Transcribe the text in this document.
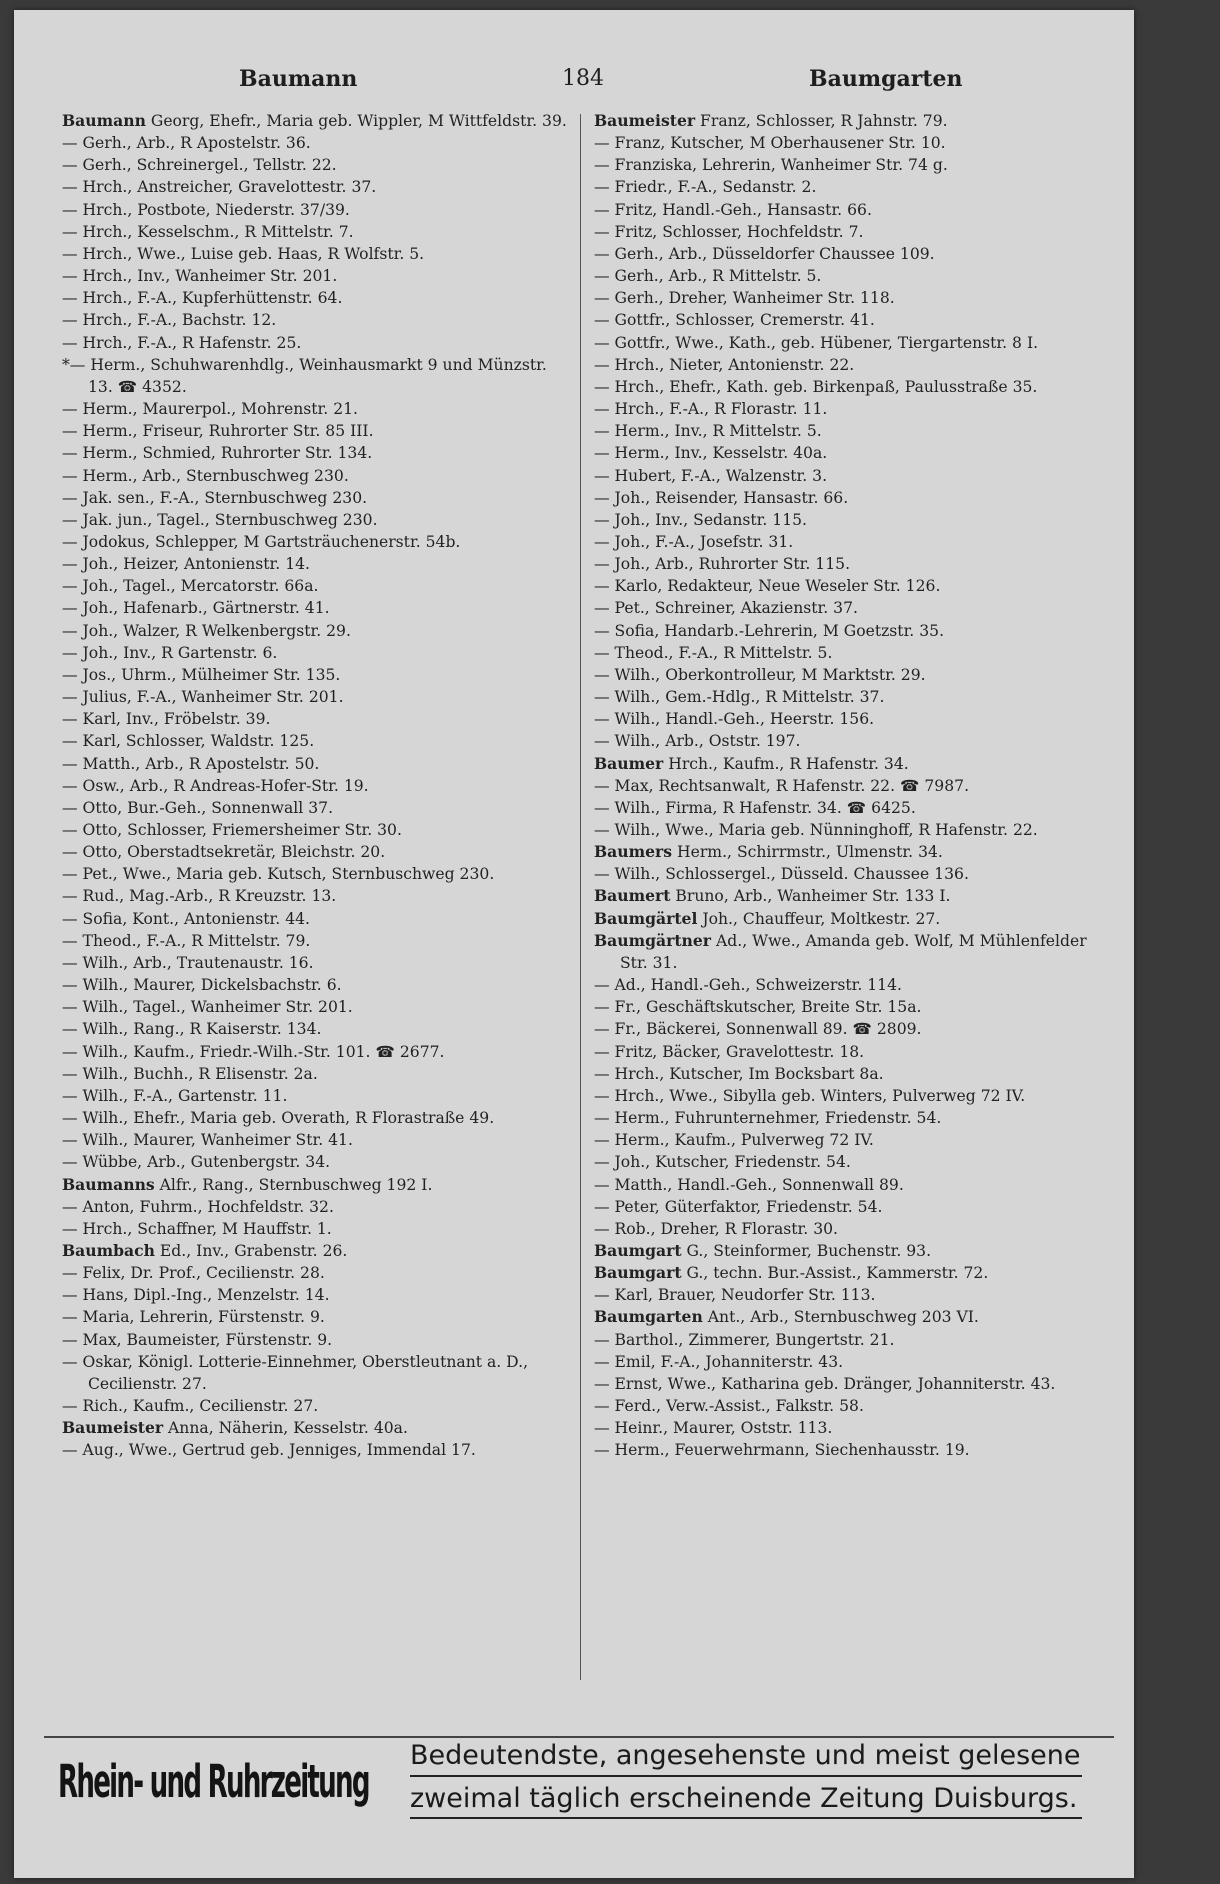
Baumann	184	Baumgarten
Baumann Georg, Ehefr., Maria geb. Wippler, M Wittfeldstr. 39.
— Gerh., Arb., R Apostelstr. 36.
— Gerh., Schreinergel., Tellstr. 22.
— Hrch., Anstreicher, Gravelottestr. 37.
— Hrch., Postbote, Niederstr. 37/39.
— Hrch., Kesselschm., R Mittelstr. 7.
— Hrch., Wwe., Luise geb. Haas, R Wolfstr. 5.
— Hrch., Inv., Wanheimer Str. 201.
— Hrch., F.-A., Kupferhüttenstr. 64.
— Hrch., F.-A., Bachstr. 12.
— Hrch., F.-A., R Hafenstr. 25.
*— Herm., Schuhwarenhdlg., Weinhausmarkt 9 und Münzstr. 13. ☎ 4352.
— Herm., Maurerpol., Mohrenstr. 21.
— Herm., Friseur, Ruhrorter Str. 85 III.
— Herm., Schmied, Ruhrorter Str. 134.
— Herm., Arb., Sternbuschweg 230.
— Jak. sen., F.-A., Sternbuschweg 230.
— Jak. jun., Tagel., Sternbuschweg 230.
— Jodokus, Schlepper, M Gartsträuchenerstr. 54b.
— Joh., Heizer, Antonienstr. 14.
— Joh., Tagel., Mercatorstr. 66a.
— Joh., Hafenarb., Gärtnerstr. 41.
— Joh., Walzer, R Welkenbergstr. 29.
— Joh., Inv., R Gartenstr. 6.
— Jos., Uhrm., Mülheimer Str. 135.
— Julius, F.-A., Wanheimer Str. 201.
— Karl, Inv., Fröbelstr. 39.
— Karl, Schlosser, Waldstr. 125.
— Matth., Arb., R Apostelstr. 50.
— Osw., Arb., R Andreas-Hofer-Str. 19.
— Otto, Bur.-Geh., Sonnenwall 37.
— Otto, Schlosser, Friemersheimer Str. 30.
— Otto, Oberstadtsekretär, Bleichstr. 20.
— Pet., Wwe., Maria geb. Kutsch, Sternbuschweg 230.
— Rud., Mag.-Arb., R Kreuzstr. 13.
— Sofia, Kont., Antonienstr. 44.
— Theod., F.-A., R Mittelstr. 79.
— Wilh., Arb., Trautenaustr. 16.
— Wilh., Maurer, Dickelsbachstr. 6.
— Wilh., Tagel., Wanheimer Str. 201.
— Wilh., Rang., R Kaiserstr. 134.
— Wilh., Kaufm., Friedr.-Wilh.-Str. 101. ☎ 2677.
— Wilh., Buchh., R Elisenstr. 2a.
— Wilh., F.-A., Gartenstr. 11.
— Wilh., Ehefr., Maria geb. Overath, R Florastraße 49.
— Wilh., Maurer, Wanheimer Str. 41.
— Wübbe, Arb., Gutenbergstr. 34.
Baumanns Alfr., Rang., Sternbuschweg 192 I.
— Anton, Fuhrm., Hochfeldstr. 32.
— Hrch., Schaffner, M Hauffstr. 1.
Baumbach Ed., Inv., Grabenstr. 26.
— Felix, Dr. Prof., Cecilienstr. 28.
— Hans, Dipl.-Ing., Menzelstr. 14.
— Maria, Lehrerin, Fürstenstr. 9.
— Max, Baumeister, Fürstenstr. 9.
— Oskar, Königl. Lotterie-Einnehmer, Oberstleutnant a. D., Cecilienstr. 27.
— Rich., Kaufm., Cecilienstr. 27.
Baumeister Anna, Näherin, Kesselstr. 40a.
— Aug., Wwe., Gertrud geb. Jenniges, Immendal 17.
Baumeister Franz, Schlosser, R Jahnstr. 79.
— Franz, Kutscher, M Oberhausener Str. 10.
— Franziska, Lehrerin, Wanheimer Str. 74 g.
— Friedr., F.-A., Sedanstr. 2.
— Fritz, Handl.-Geh., Hansastr. 66.
— Fritz, Schlosser, Hochfeldstr. 7.
— Gerh., Arb., Düsseldorfer Chaussee 109.
— Gerh., Arb., R Mittelstr. 5.
— Gerh., Dreher, Wanheimer Str. 118.
— Gottfr., Schlosser, Cremerstr. 41.
— Gottfr., Wwe., Kath., geb. Hübener, Tiergartenstr. 8 I.
— Hrch., Nieter, Antonienstr. 22.
— Hrch., Ehefr., Kath. geb. Birkenpaß, Paulusstraße 35.
— Hrch., F.-A., R Florastr. 11.
— Herm., Inv., R Mittelstr. 5.
— Herm., Inv., Kesselstr. 40a.
— Hubert, F.-A., Walzenstr. 3.
— Joh., Reisender, Hansastr. 66.
— Joh., Inv., Sedanstr. 115.
— Joh., F.-A., Josefstr. 31.
— Joh., Arb., Ruhrorter Str. 115.
— Karlo, Redakteur, Neue Weseler Str. 126.
— Pet., Schreiner, Akazienstr. 37.
— Sofia, Handarb.-Lehrerin, M Goetzstr. 35.
— Theod., F.-A., R Mittelstr. 5.
— Wilh., Oberkontrolleur, M Marktstr. 29.
— Wilh., Gem.-Hdlg., R Mittelstr. 37.
— Wilh., Handl.-Geh., Heerstr. 156.
— Wilh., Arb., Oststr. 197.
Baumer Hrch., Kaufm., R Hafenstr. 34.
— Max, Rechtsanwalt, R Hafenstr. 22. ☎ 7987.
— Wilh., Firma, R Hafenstr. 34. ☎ 6425.
— Wilh., Wwe., Maria geb. Nünninghoff, R Hafenstr. 22.
Baumers Herm., Schirrmstr., Ulmenstr. 34.
— Wilh., Schlossergel., Düsseld. Chaussee 136.
Baumert Bruno, Arb., Wanheimer Str. 133 I.
Baumgärtel Joh., Chauffeur, Moltkestr. 27.
Baumgärtner Ad., Wwe., Amanda geb. Wolf, M Mühlenfelder Str. 31.
— Ad., Handl.-Geh., Schweizerstr. 114.
— Fr., Geschäftskutscher, Breite Str. 15a.
— Fr., Bäckerei, Sonnenwall 89. ☎ 2809.
— Fritz, Bäcker, Gravelottestr. 18.
— Hrch., Kutscher, Im Bocksbart 8a.
— Hrch., Wwe., Sibylla geb. Winters, Pulverweg 72 IV.
— Herm., Fuhrunternehmer, Friedenstr. 54.
— Herm., Kaufm., Pulverweg 72 IV.
— Joh., Kutscher, Friedenstr. 54.
— Matth., Handl.-Geh., Sonnenwall 89.
— Peter, Güterfaktor, Friedenstr. 54.
— Rob., Dreher, R Florastr. 30.
Baumgart G., Steinformer, Buchenstr. 93.
Baumgart G., techn. Bur.-Assist., Kammerstr. 72.
— Karl, Brauer, Neudorfer Str. 113.
Baumgarten Ant., Arb., Sternbuschweg 203 VI.
— Barthol., Zimmerer, Bungertstr. 21.
— Emil, F.-A., Johanniterstr. 43.
— Ernst, Wwe., Katharina geb. Dränger, Johanniterstr. 43.
— Ferd., Verw.-Assist., Falkstr. 58.
— Heinr., Maurer, Oststr. 113.
— Herm., Feuerwehrmann, Siechenhausstr. 19.
Rhein- und Ruhrzeitung Bedeutendste, angesehenste und meist gelesene
zweimal täglich erscheinende Zeitung Duisburgs.
